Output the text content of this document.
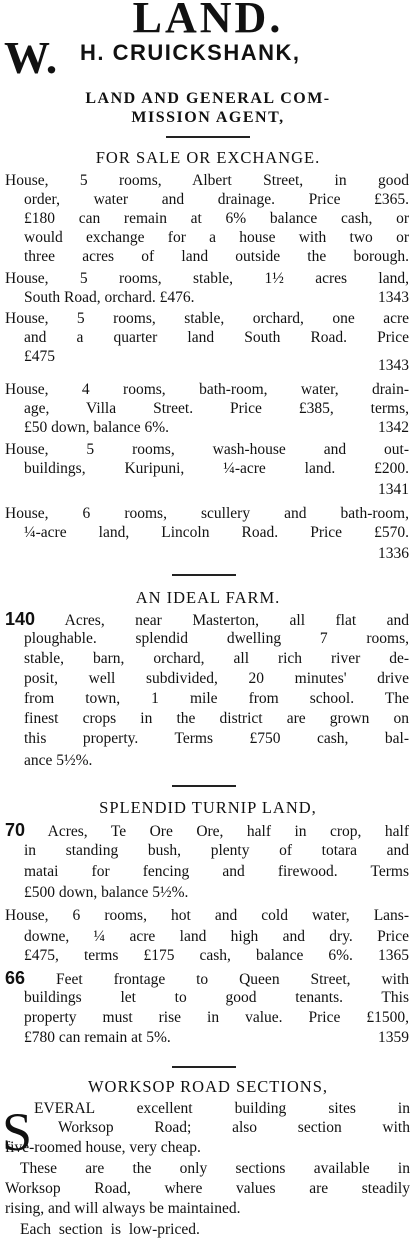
LAND.
W. H. CRUICKSHANK,
LAND AND GENERAL COM-
MISSION AGENT,
FOR SALE OR EXCHANGE.
House, 5 rooms, Albert Street, in good
order, water and drainage. Price £365.
£180 can remain at 6% balance cash, or
would exchange for a house with two or
three acres of land outside the borough.
House, 5 rooms, stable, 1½ acres land,
South Road, orchard. £476.	1343
House, 5 rooms, stable, orchard, one acre
and a quarter land South Road. Price
£475
1343
House, 4 rooms, bath-room, water, drain-
age, Villa Street. Price £385, terms,
£50 down, balance 6%.	1342
House, 5 rooms, wash-house and out-
buildings, Kuripuni, ¼-acre land. £200.
1341
House, 6 rooms, scullery and bath-room,
¼-acre land, Lincoln Road. Price £570.
1336
AN IDEAL FARM.
140 Acres, near Masterton, all flat and
ploughable. splendid dwelling 7 rooms,
stable, barn, orchard, all rich river de-
posit, well subdivided, 20 minutes' drive
from town, 1 mile from school. The
finest crops in the district are grown on
this property. Terms £750 cash, bal-
ance 5½%.
SPLENDID TURNIP LAND,
70 Acres, Te Ore Ore, half in crop, half
in standing bush, plenty of totara and
matai for fencing and firewood. Terms
£500 down, balance 5½%.
House, 6 rooms, hot and cold water, Lans-
downe, ¼ acre land high and dry. Price
£475, terms £175 cash, balance 6%. 1365
66 Feet frontage to Queen Street, with
buildings let to good tenants. This
property must rise in value. Price £1500,
£780 can remain at 5%.	1359
WORKSOP ROAD SECTIONS,
S EVERAL excellent building sites in
Worksop Road; also section with
five-roomed house, very cheap.
These are the only sections available in
Worksop Road, where values are steadily
rising, and will always be maintained.
Each section is low-priced.
